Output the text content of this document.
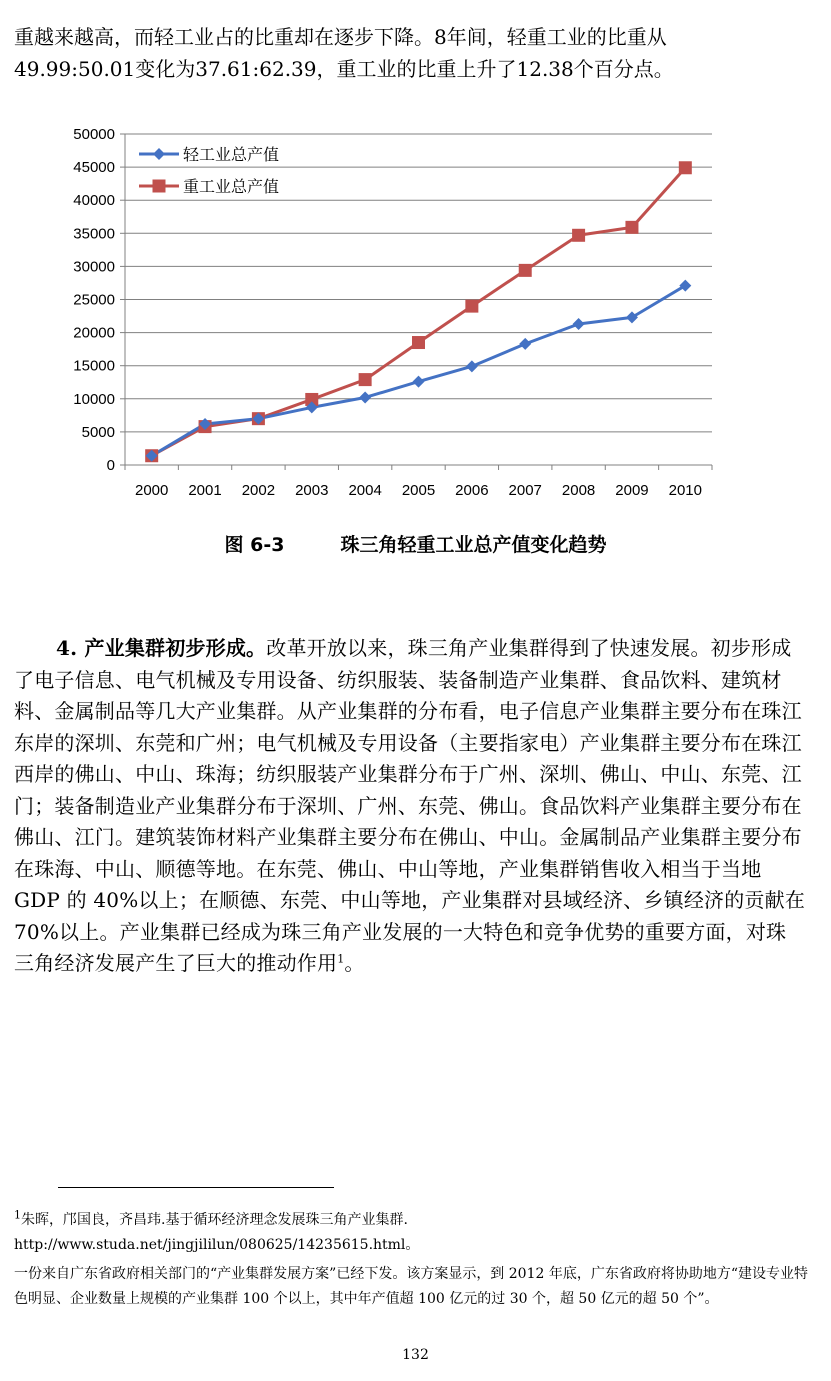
重越来越高，而轻工业占的比重却在逐步下降。8年间，轻重工业的比重从
49.99:50.01变化为37.61:62.39，重工业的比重上升了12.38个百分点。

0
5000
10000
15000
20000
25000
30000
35000
40000
45000
50000
2000 2001 2002 2003 2004 2005 2006 2007 2008 2009 2010
轻工业总产值
重工业总产值
图 6-3	珠三角轻重工业总产值变化趋势

4. 产业集群初步形成。改革开放以来，珠三角产业集群得到了快速发展。初步形成了电子信息、电气机械及专用设备、纺织服装、装备制造产业集群、食品饮料、建筑材料、金属制品等几大产业集群。从产业集群的分布看，电子信息产业集群主要分布在珠江东岸的深圳、东莞和广州；电气机械及专用设备（主要指家电）产业集群主要分布在珠江西岸的佛山、中山、珠海；纺织服装产业集群分布于广州、深圳、佛山、中山、东莞、江门；装备制造业产业集群分布于深圳、广州、东莞、佛山。食品饮料产业集群主要分布在佛山、江门。建筑装饰材料产业集群主要分布在佛山、中山。金属制品产业集群主要分布在珠海、中山、顺德等地。在东莞、佛山、中山等地，产业集群销售收入相当于当地 GDP 的 40%以上；在顺德、东莞、中山等地，产业集群对县域经济、乡镇经济的贡献在 70%以上。产业集群已经成为珠三角产业发展的一大特色和竞争优势的重要方面，对珠三角经济发展产生了巨大的推动作用$^1$。

$^1$朱晖，邝国良，齐昌玮.基于循环经济理念发展珠三角产业集群.

http://www.studa.net/jingjililun/080625/14235615.html。

一份来自广东省政府相关部门的“产业集群发展方案”已经下发。该方案显示，到 2012 年底，广东省政府将协助地方“建设专业特色明显、企业数量上规模的产业集群 100 个以上，其中年产值超 100 亿元的过 30 个，超 50 亿元的超 50 个”。

132
